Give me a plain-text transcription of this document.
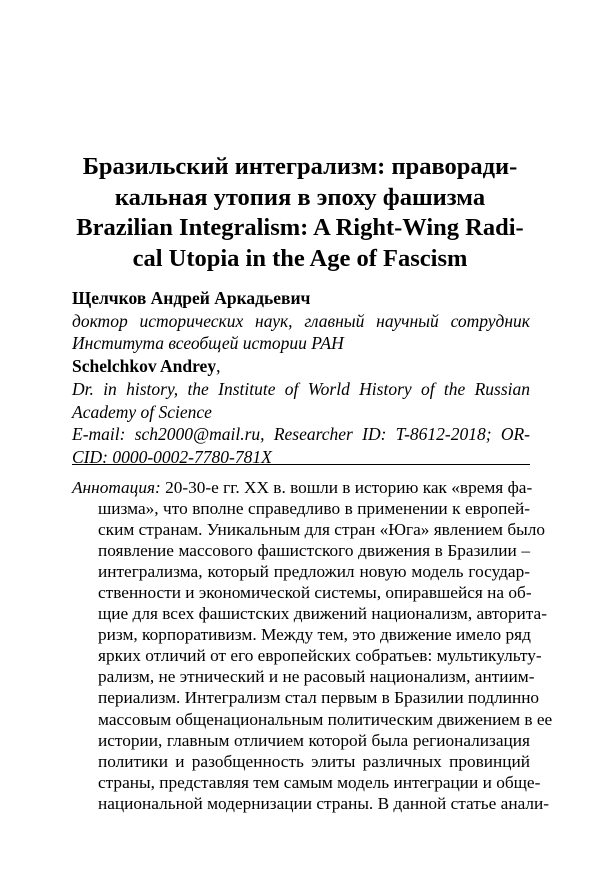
Бразильский интегрализм: праворади-
кальная утопия в эпоху фашизма
Brazilian Integralism: A Right-Wing Radi-
cal Utopia in the Age of Fascism
Щелчков Андрей Аркадьевич
доктор исторических наук, главный научный сотрудник
Института всеобщей истории РАН
Schelchkov Andrey,
Dr. in history, the Institute of World History of the Russian
Academy of Science
E-mail: sch2000@mail.ru, Researcher ID: T-8612-2018; OR-
CID: 0000-0002-7780-781X
Аннотация: 20-30-е гг. XX в. вошли в историю как «время фа-
шизма», что вполне справедливо в применении к европей-
ским странам. Уникальным для стран «Юга» явлением было
появление массового фашистского движения в Бразилии –
интегрализма, который предложил новую модель государ-
ственности и экономической системы, опиравшейся на об-
щие для всех фашистских движений национализм, авторита-
ризм, корпоративизм. Между тем, это движение имело ряд
ярких отличий от его европейских собратьев: мультикульту-
рализм, не этнический и не расовый национализм, антиим-
периализм. Интегрализм стал первым в Бразилии подлинно
массовым общенациональным политическим движением в ее
истории, главным отличием которой была регионализация
политики и разобщенность элиты различных провинций
страны, представляя тем самым модель интеграции и обще-
национальной модернизации страны. В данной статье анали-
